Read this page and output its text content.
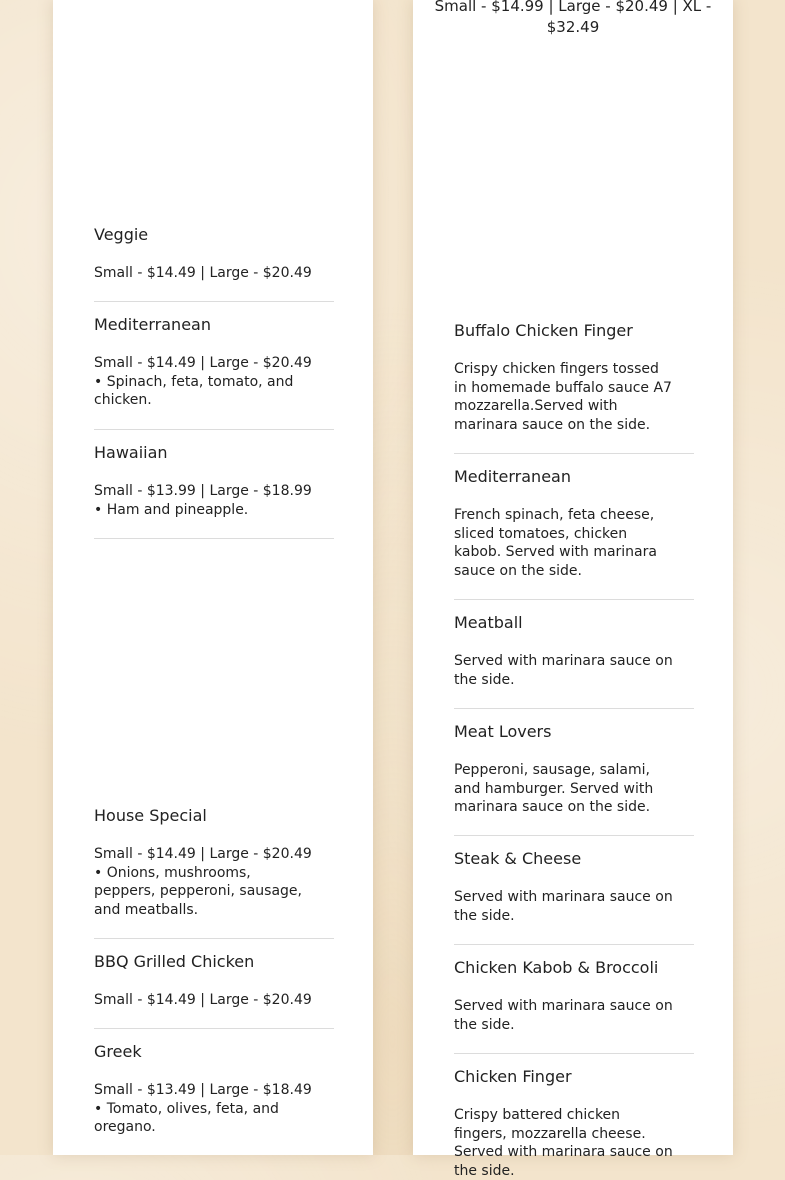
Veggie

Small - $14.49 | Large - $20.49

Mediterranean

Small - $14.49 | Large - $20.49 • Spinach, feta, tomato, and chicken.

Hawaiian

Small - $13.99 | Large - $18.99 • Ham and pineapple.

House Special

Small - $14.49 | Large - $20.49 • Onions, mushrooms, peppers, pepperoni, sausage, and meatballs.

BBQ Grilled Chicken

Small - $14.49 | Large - $20.49

Greek

Small - $13.49 | Large - $18.49 • Tomato, olives, feta, and oregano.

Small - $14.99 | Large - $20.49 | XL -
$32.49

Buffalo Chicken Finger

Crispy chicken fingers tossed in homemade buffalo sauce A7 mozzarella.Served with marinara sauce on the side.

Mediterranean

French spinach, feta cheese, sliced tomatoes, chicken kabob. Served with marinara sauce on the side.

Meatball

Served with marinara sauce on the side.

Meat Lovers

Pepperoni, sausage, salami, and hamburger. Served with marinara sauce on the side.

Steak & Cheese

Served with marinara sauce on the side.

Chicken Kabob & Broccoli

Served with marinara sauce on the side.

Chicken Finger

Crispy battered chicken fingers, mozzarella cheese. Served with marinara sauce on the side.
